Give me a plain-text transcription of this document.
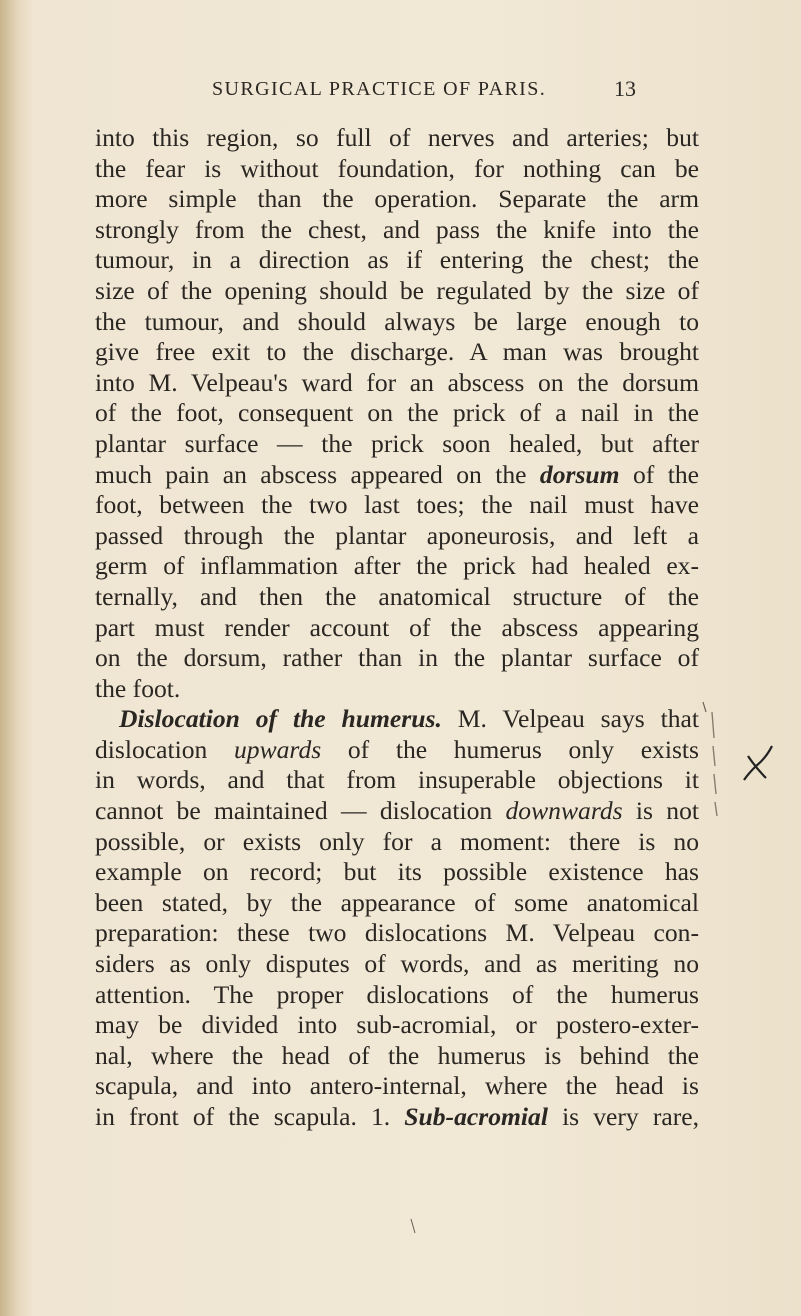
SURGICAL PRACTICE OF PARIS.	13
into this region, so full of nerves and arteries; but
the fear is without foundation, for nothing can be
more simple than the operation. Separate the arm
strongly from the chest, and pass the knife into the
tumour, in a direction as if entering the chest; the
size of the opening should be regulated by the size of
the tumour, and should always be large enough to
give free exit to the discharge. A man was brought
into M. Velpeau's ward for an abscess on the dorsum
of the foot, consequent on the prick of a nail in the
plantar surface — the prick soon healed, but after
much pain an abscess appeared on the dorsum of the
foot, between the two last toes; the nail must have
passed through the plantar aponeurosis, and left a
germ of inflammation after the prick had healed ex-
ternally, and then the anatomical structure of the
part must render account of the abscess appearing
on the dorsum, rather than in the plantar surface of
the foot.
Dislocation of the humerus. M. Velpeau says that
dislocation upwards of the humerus only exists
in words, and that from insuperable objections it
cannot be maintained — dislocation downwards is not
possible, or exists only for a moment: there is no
example on record; but its possible existence has
been stated, by the appearance of some anatomical
preparation: these two dislocations M. Velpeau con-
siders as only disputes of words, and as meriting no
attention. The proper dislocations of the humerus
may be divided into sub-acromial, or postero-exter-
nal, where the head of the humerus is behind the
scapula, and into antero-internal, where the head is
in front of the scapula. 1. Sub-acromial is very rare,
